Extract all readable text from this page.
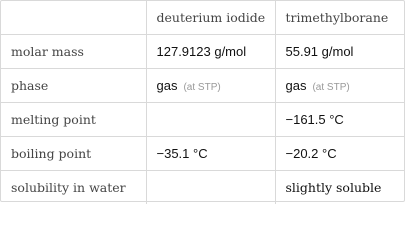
	deuterium iodide	trimethylborane
molar mass	127.9123 g/mol	55.91 g/mol
phase	gas (at STP)	gas (at STP)
melting point		−161.5 °C
boiling point	−35.1 °C	−20.2 °C
solubility in water		slightly soluble
